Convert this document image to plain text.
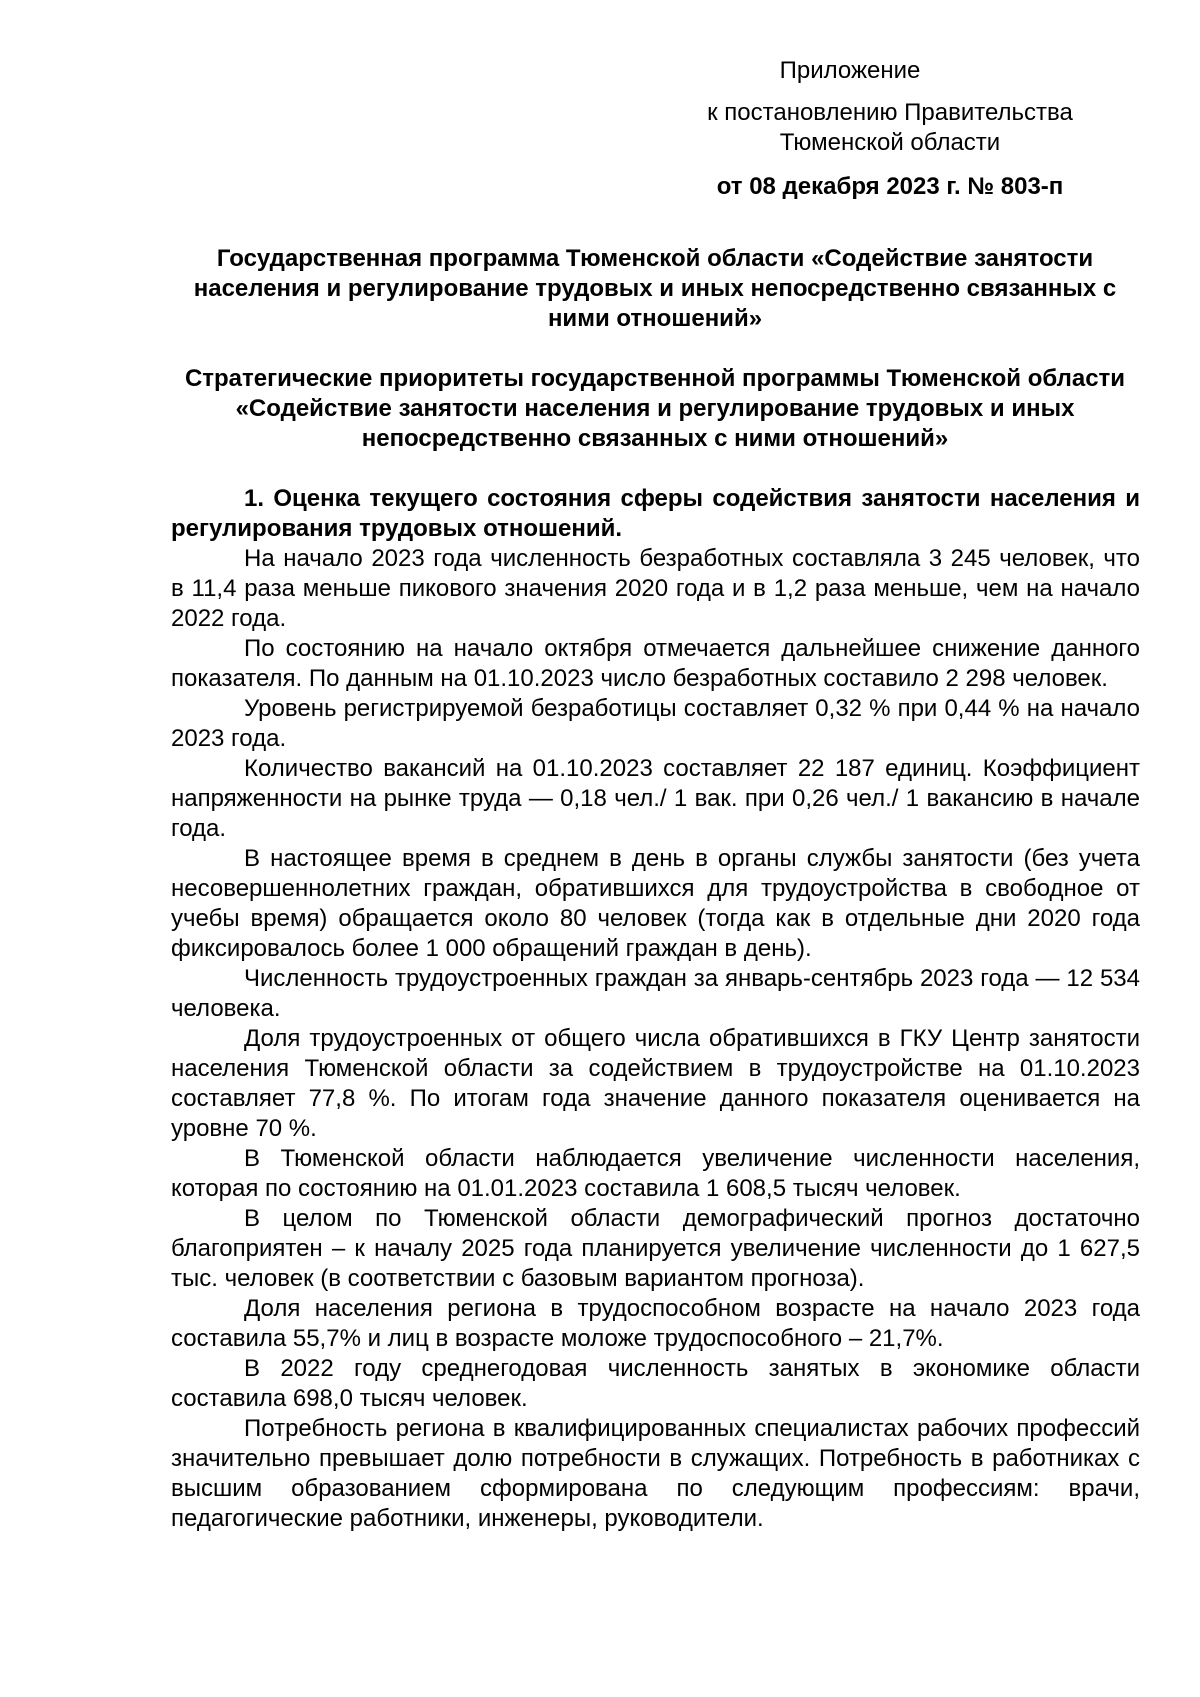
Приложение
к постановлению Правительства
Тюменской области
от 08 декабря 2023 г. № 803-п
Государственная программа Тюменской области «Содействие занятости населения и регулирование трудовых и иных непосредственно связанных с ними отношений»
Стратегические приоритеты государственной программы Тюменской области «Содействие занятости населения и регулирование трудовых и иных непосредственно связанных с ними отношений»

1. Оценка текущего состояния сферы содействия занятости населения и регулирования трудовых отношений.

На начало 2023 года численность безработных составляла 3 245 человек, что в 11,4 раза меньше пикового значения 2020 года и в 1,2 раза меньше, чем на начало 2022 года.

По состоянию на начало октября отмечается дальнейшее снижение данного показателя. По данным на 01.10.2023 число безработных составило 2 298 человек.

Уровень регистрируемой безработицы составляет 0,32 % при 0,44 % на начало 2023 года.

Количество вакансий на 01.10.2023 составляет 22 187 единиц. Коэффициент напряженности на рынке труда — 0,18 чел./ 1 вак. при 0,26 чел./ 1 вакансию в начале года.

В настоящее время в среднем в день в органы службы занятости (без учета несовершеннолетних граждан, обратившихся для трудоустройства в свободное от учебы время) обращается около 80 человек (тогда как в отдельные дни 2020 года фиксировалось более 1 000 обращений граждан в день).

Численность трудоустроенных граждан за январь-сентябрь 2023 года — 12 534 человека.

Доля трудоустроенных от общего числа обратившихся в ГКУ Центр занятости населения Тюменской области за содействием в трудоустройстве на 01.10.2023 составляет 77,8 %. По итогам года значение данного показателя оценивается на уровне 70 %.

В Тюменской области наблюдается увеличение численности населения, которая по состоянию на 01.01.2023 составила 1 608,5 тысяч человек.

В целом по Тюменской области демографический прогноз достаточно благоприятен – к началу 2025 года планируется увеличение численности до 1 627,5 тыс. человек (в соответствии с базовым вариантом прогноза).

Доля населения региона в трудоспособном возрасте на начало 2023 года составила 55,7% и лиц в возрасте моложе трудоспособного – 21,7%.

В 2022 году среднегодовая численность занятых в экономике области составила 698,0 тысяч человек.

Потребность региона в квалифицированных специалистах рабочих профессий значительно превышает долю потребности в служащих. Потребность в работниках с высшим образованием сформирована по следующим профессиям: врачи, педагогические работники, инженеры, руководители.
